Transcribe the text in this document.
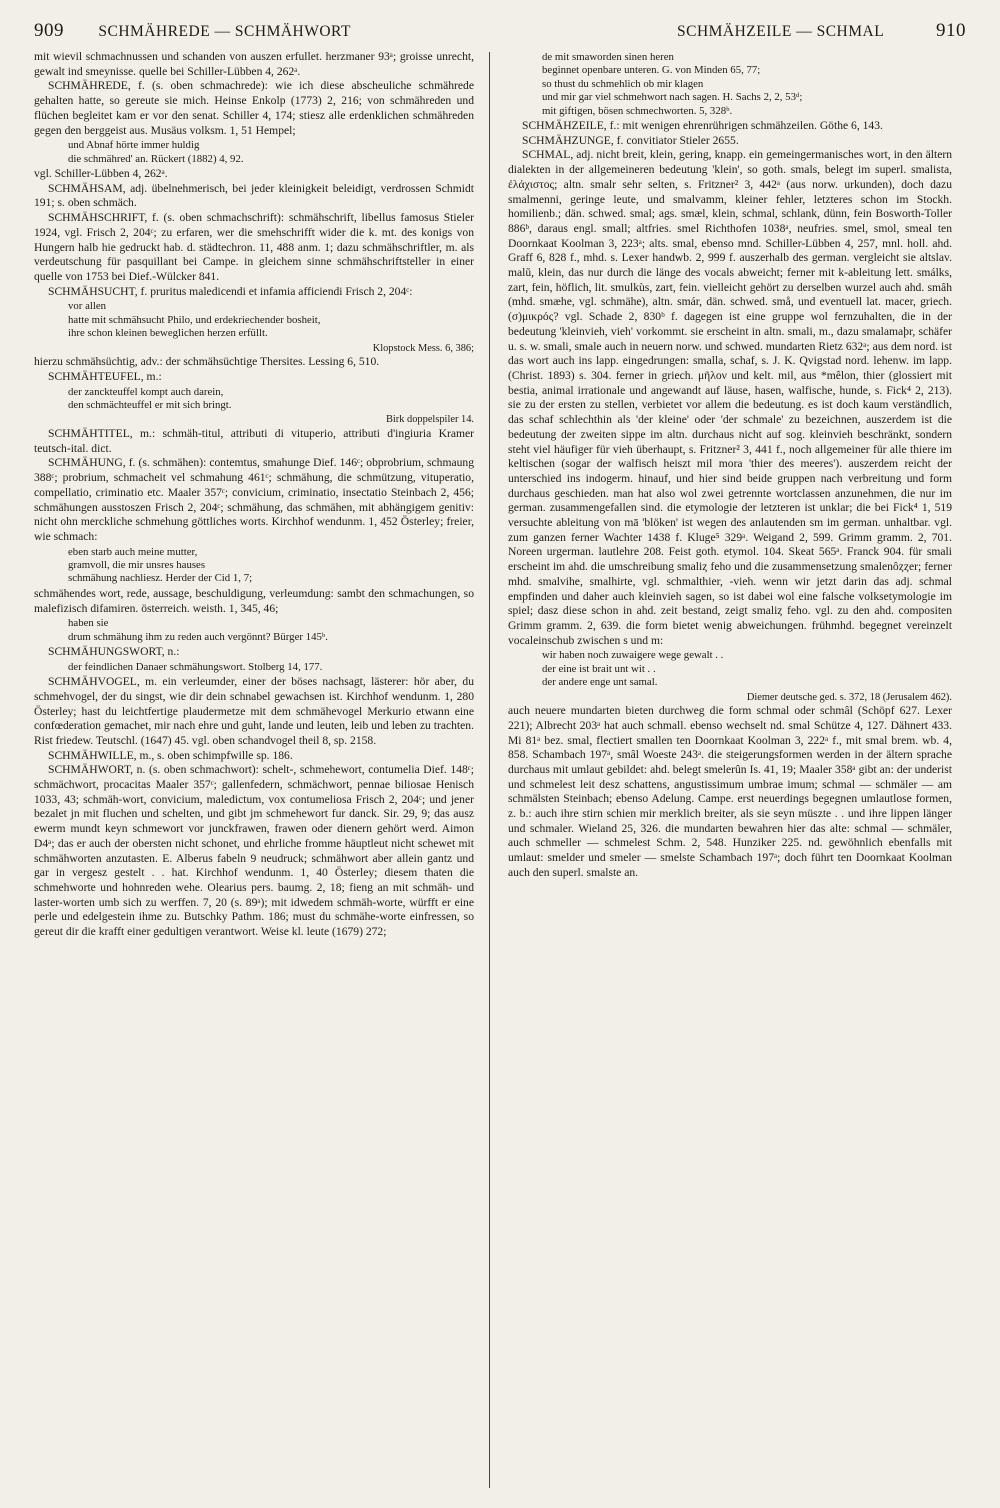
909 SCHMÄHREDE — SCHMÄHWORT	SCHMÄHZEILE — SCHMAL	910

mit wievil schmachnussen und schanden von auszen erfullet. herzmaner 93ᵃ; groisse unrecht, gewalt ind smeynisse. quelle bei Schiller-Lübben 4, 262ᵃ.

SCHMÄHREDE, f. (s. oben schmachrede): wie ich diese abscheuliche schmährede gehalten hatte, so gereute sie mich. Heinse Enkolp (1773) 2, 216; von schmähreden und flüchen begleitet kam er vor den senat. Schiller 4, 174; stiesz alle erdenklichen schmähreden gegen den berggeist aus. Musäus volksm. 1, 51 Hempel;

und Abnaf hörte immer huldig
die schmähred' an. Rückert (1882) 4, 92.

vgl. Schiller-Lübben 4, 262ᵃ.

SCHMÄHSAM, adj. übelnehmerisch, bei jeder kleinigkeit beleidigt, verdrossen Schmidt 191; s. oben schmäch.

SCHMÄHSCHRIFT, f. (s. oben schmachschrift): schmähschrift, libellus famosus Stieler 1924, vgl. Frisch 2, 204ᶜ; zu erfaren, wer die smehschrifft wider die k. mt. des konigs von Hungern halb hie gedruckt hab. d. städtechron. 11, 488 anm. 1; dazu schmähschriftler, m. als verdeutschung für pasquillant bei Campe. in gleichem sinne schmähschriftsteller in einer quelle von 1753 bei Dief.-Wülcker 841.

SCHMÄHSUCHT, f. pruritus maledicendi et infamia afficiendi Frisch 2, 204ᶜ:

vor allen
hatte mit schmähsucht Philo, und erdekriechender bosheit,
ihre schon kleinen beweglichen herzen erfüllt.

Klopstock Mess. 6, 386;

hierzu schmähsüchtig, adv.: der schmähsüchtige Thersites. Lessing 6, 510.

SCHMÄHTEUFEL, m.:

der zanckteuffel kompt auch darein,
den schmächteuffel er mit sich bringt.

Birk doppelspiler 14.

SCHMÄHTITEL, m.: schmäh-titul, attributi di vituperio, attributi d'ingiuria Kramer teutsch-ital. dict.

SCHMÄHUNG, f. (s. schmähen): contemtus, smahunge Dief. 146ᶜ; obprobrium, schmaung 388ᶜ; probrium, schmacheit vel schmahung 461ᶜ; schmähung, die schmützung, vituperatio, compellatio, criminatio etc. Maaler 357ᶜ; convicium, criminatio, insectatio Steinbach 2, 456; schmähungen ausstoszen Frisch 2, 204ᶜ; schmähung, das schmähen, mit abhängigem genitiv: nicht ohn merckliche schmehung göttliches worts. Kirchhof wendunm. 1, 452 Österley; freier, wie schmach:

eben starb auch meine mutter,
gramvoll, die mir unsres hauses
schmähung nachliesz. Herder der Cid 1, 7;

schmähendes wort, rede, aussage, beschuldigung, verleumdung: sambt den schmachungen, so malefizisch difamiren. österreich. weisth. 1, 345, 46;

haben sie
drum schmähung ihm zu reden auch vergönnt? Bürger 145ᵇ.

SCHMÄHUNGSWORT, n.:

der feindlichen Danaer schmähungswort. Stolberg 14, 177.

SCHMÄHVOGEL, m. ein verleumder, einer der böses nachsagt, lästerer: hör aber, du schmehvogel, der du singst, wie dir dein schnabel gewachsen ist. Kirchhof wendunm. 1, 280 Österley; hast du leichtfertige plaudermetze mit dem schmähevogel Merkurio etwann eine confœderation gemachet, mir nach ehre und guht, lande und leuten, leib und leben zu trachten. Rist friedew. Teutschl. (1647) 45. vgl. oben schandvogel theil 8, sp. 2158.

SCHMÄHWILLE, m., s. oben schimpfwille sp. 186.

SCHMÄHWORT, n. (s. oben schmachwort): schelt-, schmehewort, contumelia Dief. 148ᶜ; schmächwort, procacitas Maaler 357ᶜ; gallenfedern, schmächwort, pennae biliosae Henisch 1033, 43; schmäh-wort, convicium, maledictum, vox contumeliosa Frisch 2, 204ᶜ; und jener bezalet jn mit fluchen und schelten, und gibt jm schmehewort fur danck. Sir. 29, 9; das ausz ewerm mundt keyn schmewort vor junckfrawen, frawen oder dienern gehört werd. Aimon D4ᵃ; das er auch der obersten nicht schonet, und ehrliche fromme häuptleut nicht schewet mit schmähworten anzutasten. E. Alberus fabeln 9 neudruck; schmähwort aber allein gantz und gar in vergesz gestelt . . hat. Kirchhof wendunm. 1, 40 Österley; diesem thaten die schmehworte und hohnreden wehe. Olearius pers. baumg. 2, 18; fieng an mit schmäh- und laster-worten umb sich zu werffen. 7, 20 (s. 89ᵃ); mit idwedem schmäh-worte, würfft er eine perle und edelgestein ihme zu. Butschky Pathm. 186; must du schmähe-worte einfressen, so gereut dir die krafft einer gedultigen verantwort. Weise kl. leute (1679) 272;

de mit smaworden sinen heren
beginnet openbare unteren. G. von Minden 65, 77;
so thust du schmehlich ob mir klagen
und mir gar viel schmehwort nach sagen. H. Sachs 2, 2, 53ᵈ;
mit giftigen, bösen schmechworten. 5, 328ᵇ.

SCHMÄHZEILE, f.: mit wenigen ehrenrührigen schmähzeilen. Göthe 6, 143.

SCHMÄHZUNGE, f. convitiator Stieler 2655.

SCHMAL, adj. nicht breit, klein, gering, knapp. ein gemeingermanisches wort, in den ältern dialekten in der allgemeineren bedeutung 'klein', so goth. smals, belegt im superl. smalista, ἐλάχιστος; altn. smalr sehr selten, s. Fritzner² 3, 442ᵃ (aus norw. urkunden), doch dazu smalmenni, geringe leute, und smalvamm, kleiner fehler, letzteres schon im Stockh. homilienb.; dän. schwed. smal; ags. smæl, klein, schmal, schlank, dünn, fein Bosworth-Toller 886ᵇ, daraus engl. small; altfries. smel Richthofen 1038ᵃ, neufries. smel, smol, smeal ten Doornkaat Koolman 3, 223ᵃ; alts. smal, ebenso mnd. Schiller-Lübben 4, 257, mnl. holl. ahd. Graff 6, 828 f., mhd. s. Lexer handwb. 2, 999 f. auszerhalb des german. vergleicht sie altslav. malŭ, klein, das nur durch die länge des vocals abweicht; ferner mit k-ableitung lett. smálks, zart, fein, höflich, lit. smulkùs, zart, fein. vielleicht gehört zu derselben wurzel auch ahd. smâh (mhd. smæhe, vgl. schmähe), altn. smár, dän. schwed. små, und eventuell lat. macer, griech. (σ)μικρός? vgl. Schade 2, 830ᵇ f. dagegen ist eine gruppe wol fernzuhalten, die in der bedeutung 'kleinvieh, vieh' vorkommt. sie erscheint in altn. smali, m., dazu smalamaþr, schäfer u. s. w. smali, smale auch in neuern norw. und schwed. mundarten Rietz 632ᵃ; aus dem nord. ist das wort auch ins lapp. eingedrungen: smalla, schaf, s. J. K. Qvigstad nord. lehenw. im lapp. (Christ. 1893) s. 304. ferner in griech. μῆλον und kelt. mil, aus *mêlon, thier (glossiert mit bestia, animal irrationale und angewandt auf läuse, hasen, walfische, hunde, s. Fick⁴ 2, 213). sie zu der ersten zu stellen, verbietet vor allem die bedeutung. es ist doch kaum verständlich, das schaf schlechthin als 'der kleine' oder 'der schmale' zu bezeichnen, auszerdem ist die bedeutung der zweiten sippe im altn. durchaus nicht auf sog. kleinvieh beschränkt, sondern steht viel häufiger für vieh überhaupt, s. Fritzner² 3, 441 f., noch allgemeiner für alle thiere im keltischen (sogar der walfisch heiszt mil mora 'thier des meeres'). auszerdem reicht der unterschied ins indogerm. hinauf, und hier sind beide gruppen nach verbreitung und form durchaus geschieden. man hat also wol zwei getrennte wortclassen anzunehmen, die nur im german. zusammengefallen sind. die etymologie der letzteren ist unklar; die bei Fick⁴ 1, 519 versuchte ableitung von mā 'blöken' ist wegen des anlautenden sm im german. unhaltbar. vgl. zum ganzen ferner Wachter 1438 f. Kluge⁵ 329ᵃ. Weigand 2, 599. Grimm gramm. 2, 701. Noreen urgerman. lautlehre 208. Feist goth. etymol. 104. Skeat 565ᵃ. Franck 904. für smali erscheint im ahd. die umschreibung smaliȥ feho und die zusammensetzung smalenôȥȥer; ferner mhd. smalvihe, smalhirte, vgl. schmalthier, -vieh. wenn wir jetzt darin das adj. schmal empfinden und daher auch kleinvieh sagen, so ist dabei wol eine falsche volksetymologie im spiel; dasz diese schon in ahd. zeit bestand, zeigt smaliȥ fehо. vgl. zu den ahd. compositen Grimm gramm. 2, 639. die form bietet wenig abweichungen. frühmhd. begegnet vereinzelt vocaleinschub zwischen s und m:

wir haben noch zuwaigere wege gewalt . .
der eine ist brait unt wit . .
der andere enge unt samal.

Diemer deutsche ged. s. 372, 18 (Jerusalem 462).

auch neuere mundarten bieten durchweg die form schmal oder schmâl (Schöpf 627. Lexer 221); Albrecht 203ᵃ hat auch schmall. ebenso wechselt nd. smal Schütze 4, 127. Dähnert 433. Mi 81ᵃ bez. smal, flectiert smallen ten Doornkaat Koolman 3, 222ᵃ f., mit smal brem. wb. 4, 858. Schambach 197ᵃ, smâl Woeste 243ᵃ. die steigerungsformen werden in der ältern sprache durchaus mit umlaut gebildet: ahd. belegt smelerûn Is. 41, 19; Maaler 358ᵃ gibt an: der underist und schmelest leit desz schattens, angustissimum umbrae imum; schmal — schmäler — am schmälsten Steinbach; ebenso Adelung. Campe. erst neuerdings begegnen umlautlose formen, z. b.: auch ihre stirn schien mir merklich breiter, als sie seyn müszte . . und ihre lippen länger und schmaler. Wieland 25, 326. die mundarten bewahren hier das alte: schmal — schmäler, auch schmeller — schmelest Schm. 2, 548. Hunziker 225. nd. gewöhnlich ebenfalls mit umlaut: smelder und smeler — smelste Schambach 197ᵃ; doch führt ten Doornkaat Koolman auch den superl. smalste an.
